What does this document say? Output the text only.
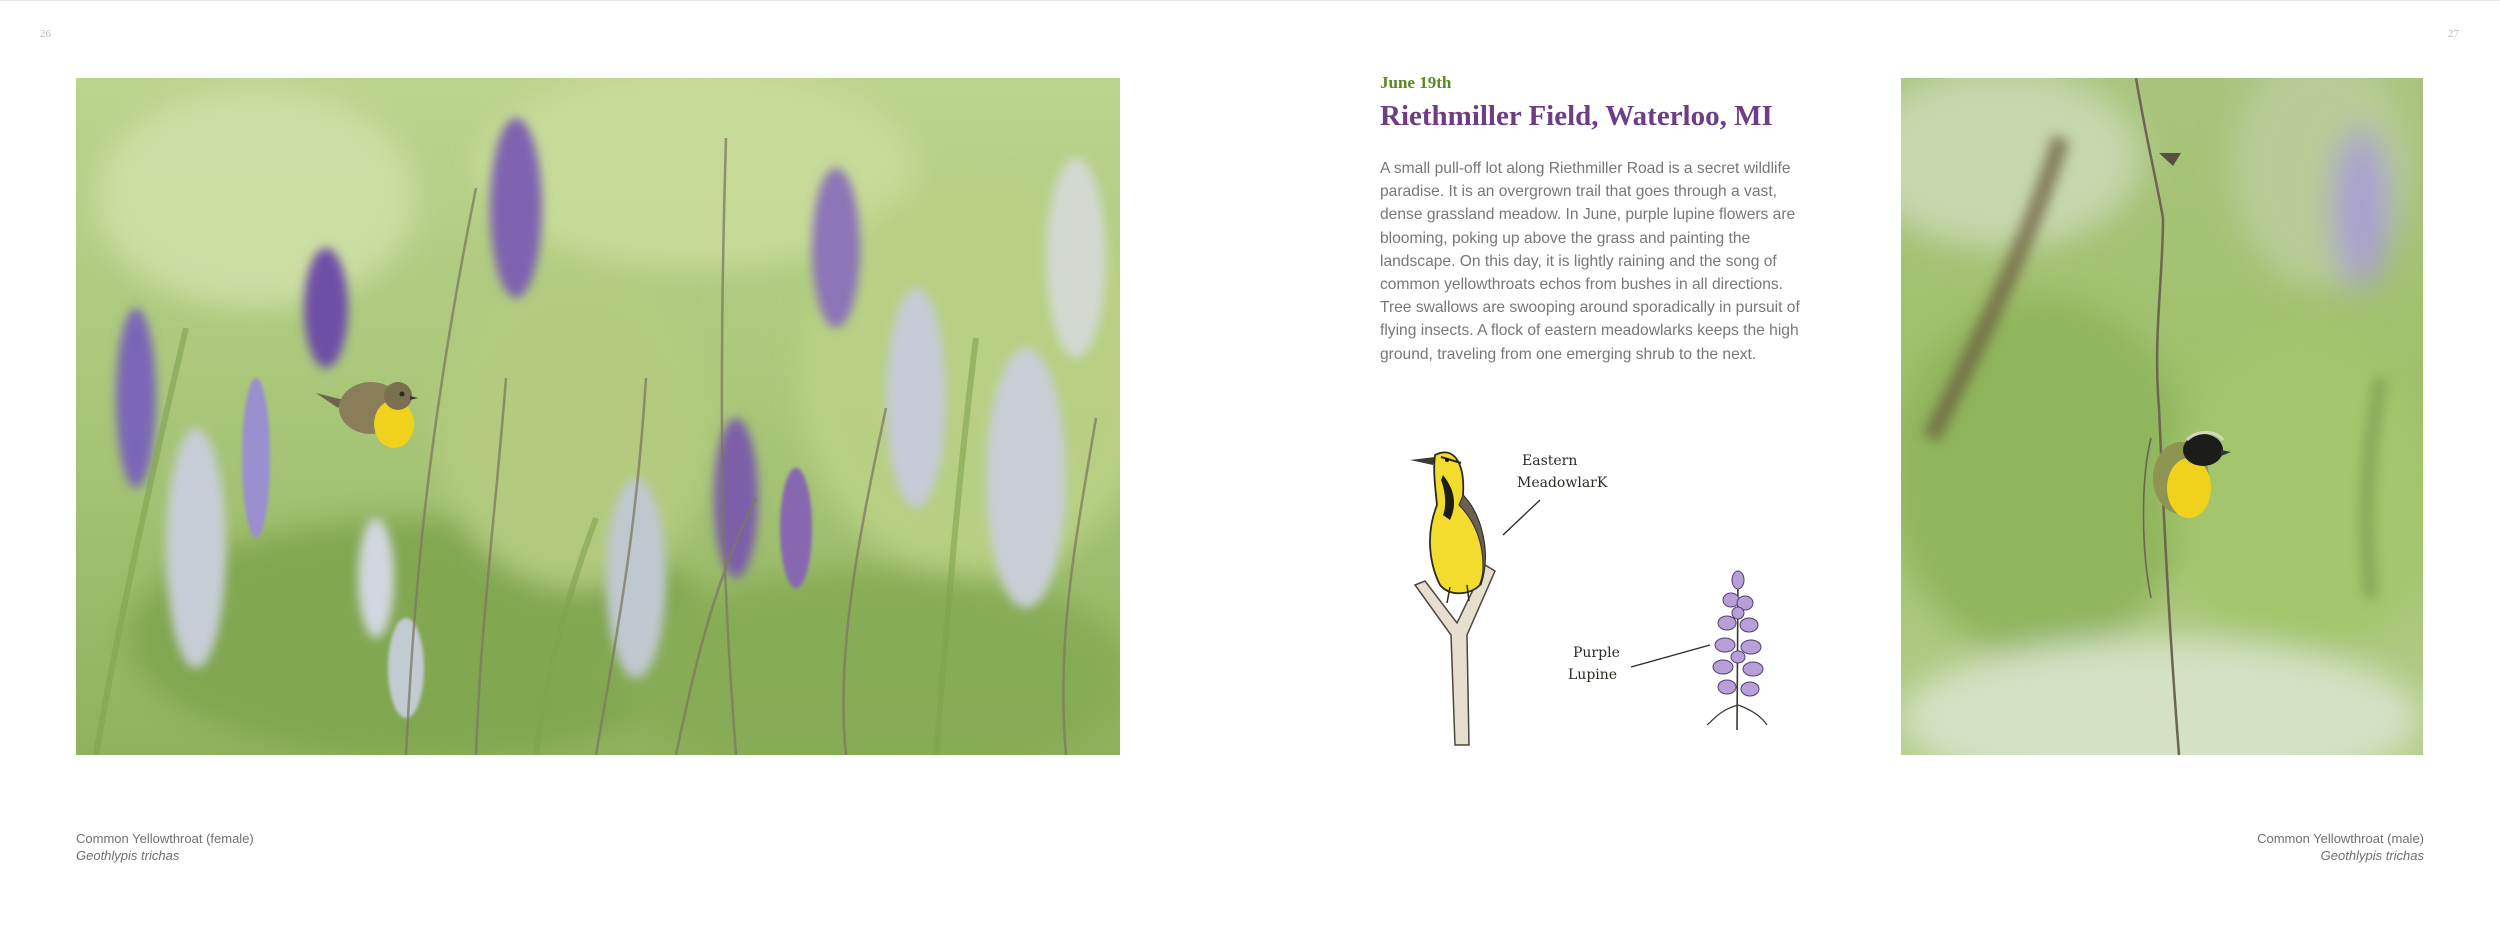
26	27
June 19th
Riethmiller Field, Waterloo, MI
A small pull-off lot along Riethmiller Road is a secret wildlife paradise. It is an overgrown trail that goes through a vast, dense grassland meadow. In June, purple lupine flowers are blooming, poking up above the grass and painting the landscape. On this day, it is lightly raining and the song of common yellowthroats echos from bushes in all directions. Tree swallows are swooping around sporadically in pursuit of flying insects. A flock of eastern meadowlarks keeps the high ground, traveling from one emerging shrub to the next.
Eastern MeadowlarK
Purple Lupine
Common Yellowthroat (female)
Geothlypis trichas
Common Yellowthroat (male)
Geothlypis trichas
